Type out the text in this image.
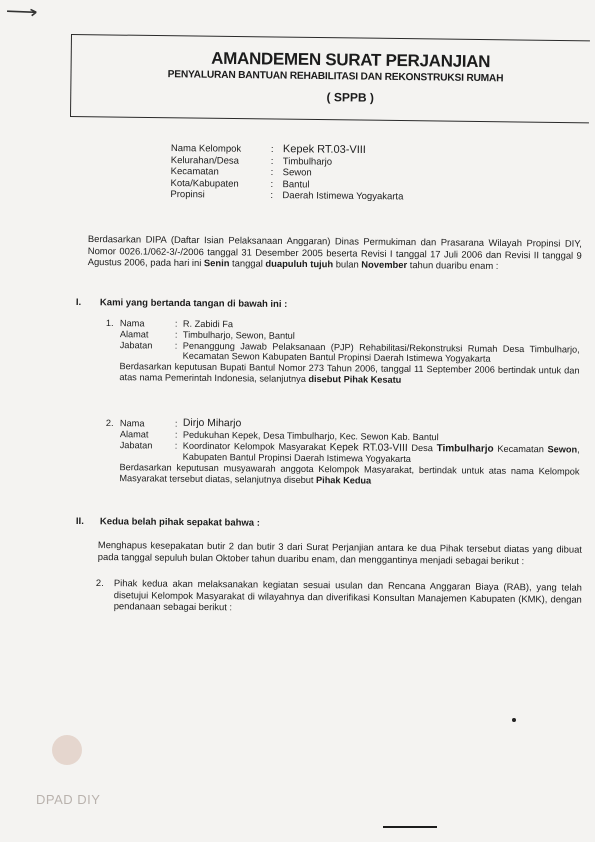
AMANDEMEN SURAT PERJANJIAN
PENYALURAN BANTUAN REHABILITASI DAN REKONSTRUKSI RUMAH
( SPPB )
Nama Kelompok	: Kepek RT.03-VIII
Kelurahan/Desa	: Timbulharjo
Kecamatan	: Sewon
Kota/Kabupaten	: Bantul
Propinsi	: Daerah Istimewa Yogyakarta
Berdasarkan DIPA (Daftar Isian Pelaksanaan Anggaran) Dinas Permukiman dan Prasarana Wilayah Propinsi DIY, Nomor 0026.1/062-3/-/2006 tanggal 31 Desember 2005 beserta Revisi I tanggal 17 Juli 2006 dan Revisi II tanggal 9 Agustus 2006, pada hari ini Senin tanggal duapuluh tujuh bulan November tahun duaribu enam :
I. Kami yang bertanda tangan di bawah ini :
1. Nama	: R. Zabidi Fa
Alamat	: Timbulharjo, Sewon, Bantul
Jabatan	: Penanggung Jawab Pelaksanaan (PJP) Rehabilitasi/Rekonstruksi Rumah Desa Timbulharjo, Kecamatan Sewon Kabupaten Bantul Propinsi Daerah Istimewa Yogyakarta
Berdasarkan keputusan Bupati Bantul Nomor 273 Tahun 2006, tanggal 11 September 2006 bertindak untuk dan atas nama Pemerintah Indonesia, selanjutnya disebut Pihak Kesatu
2. Nama	: Dirjo Miharjo
Alamat	: Pedukuhan Kepek, Desa Timbulharjo, Kec. Sewon Kab. Bantul
Jabatan	: Koordinator Kelompok Masyarakat Kepek RT.03-VIII Desa Timbulharjo Kecamatan Sewon, Kabupaten Bantul Propinsi Daerah Istimewa Yogyakarta
Berdasarkan keputusan musyawarah anggota Kelompok Masyarakat, bertindak untuk atas nama Kelompok Masyarakat tersebut diatas, selanjutnya disebut Pihak Kedua
II. Kedua belah pihak sepakat bahwa :
Menghapus kesepakatan butir 2 dan butir 3 dari Surat Perjanjian antara ke dua Pihak tersebut diatas yang dibuat pada tanggal sepuluh bulan Oktober tahun duaribu enam, dan menggantinya menjadi sebagai berikut :
2.	Pihak kedua akan melaksanakan kegiatan sesuai usulan dan Rencana Anggaran Biaya (RAB), yang telah disetujui Kelompok Masyarakat di wilayahnya dan diverifikasi Konsultan Manajemen Kabupaten (KMK), dengan pendanaan sebagai berikut :
DPAD DIY
